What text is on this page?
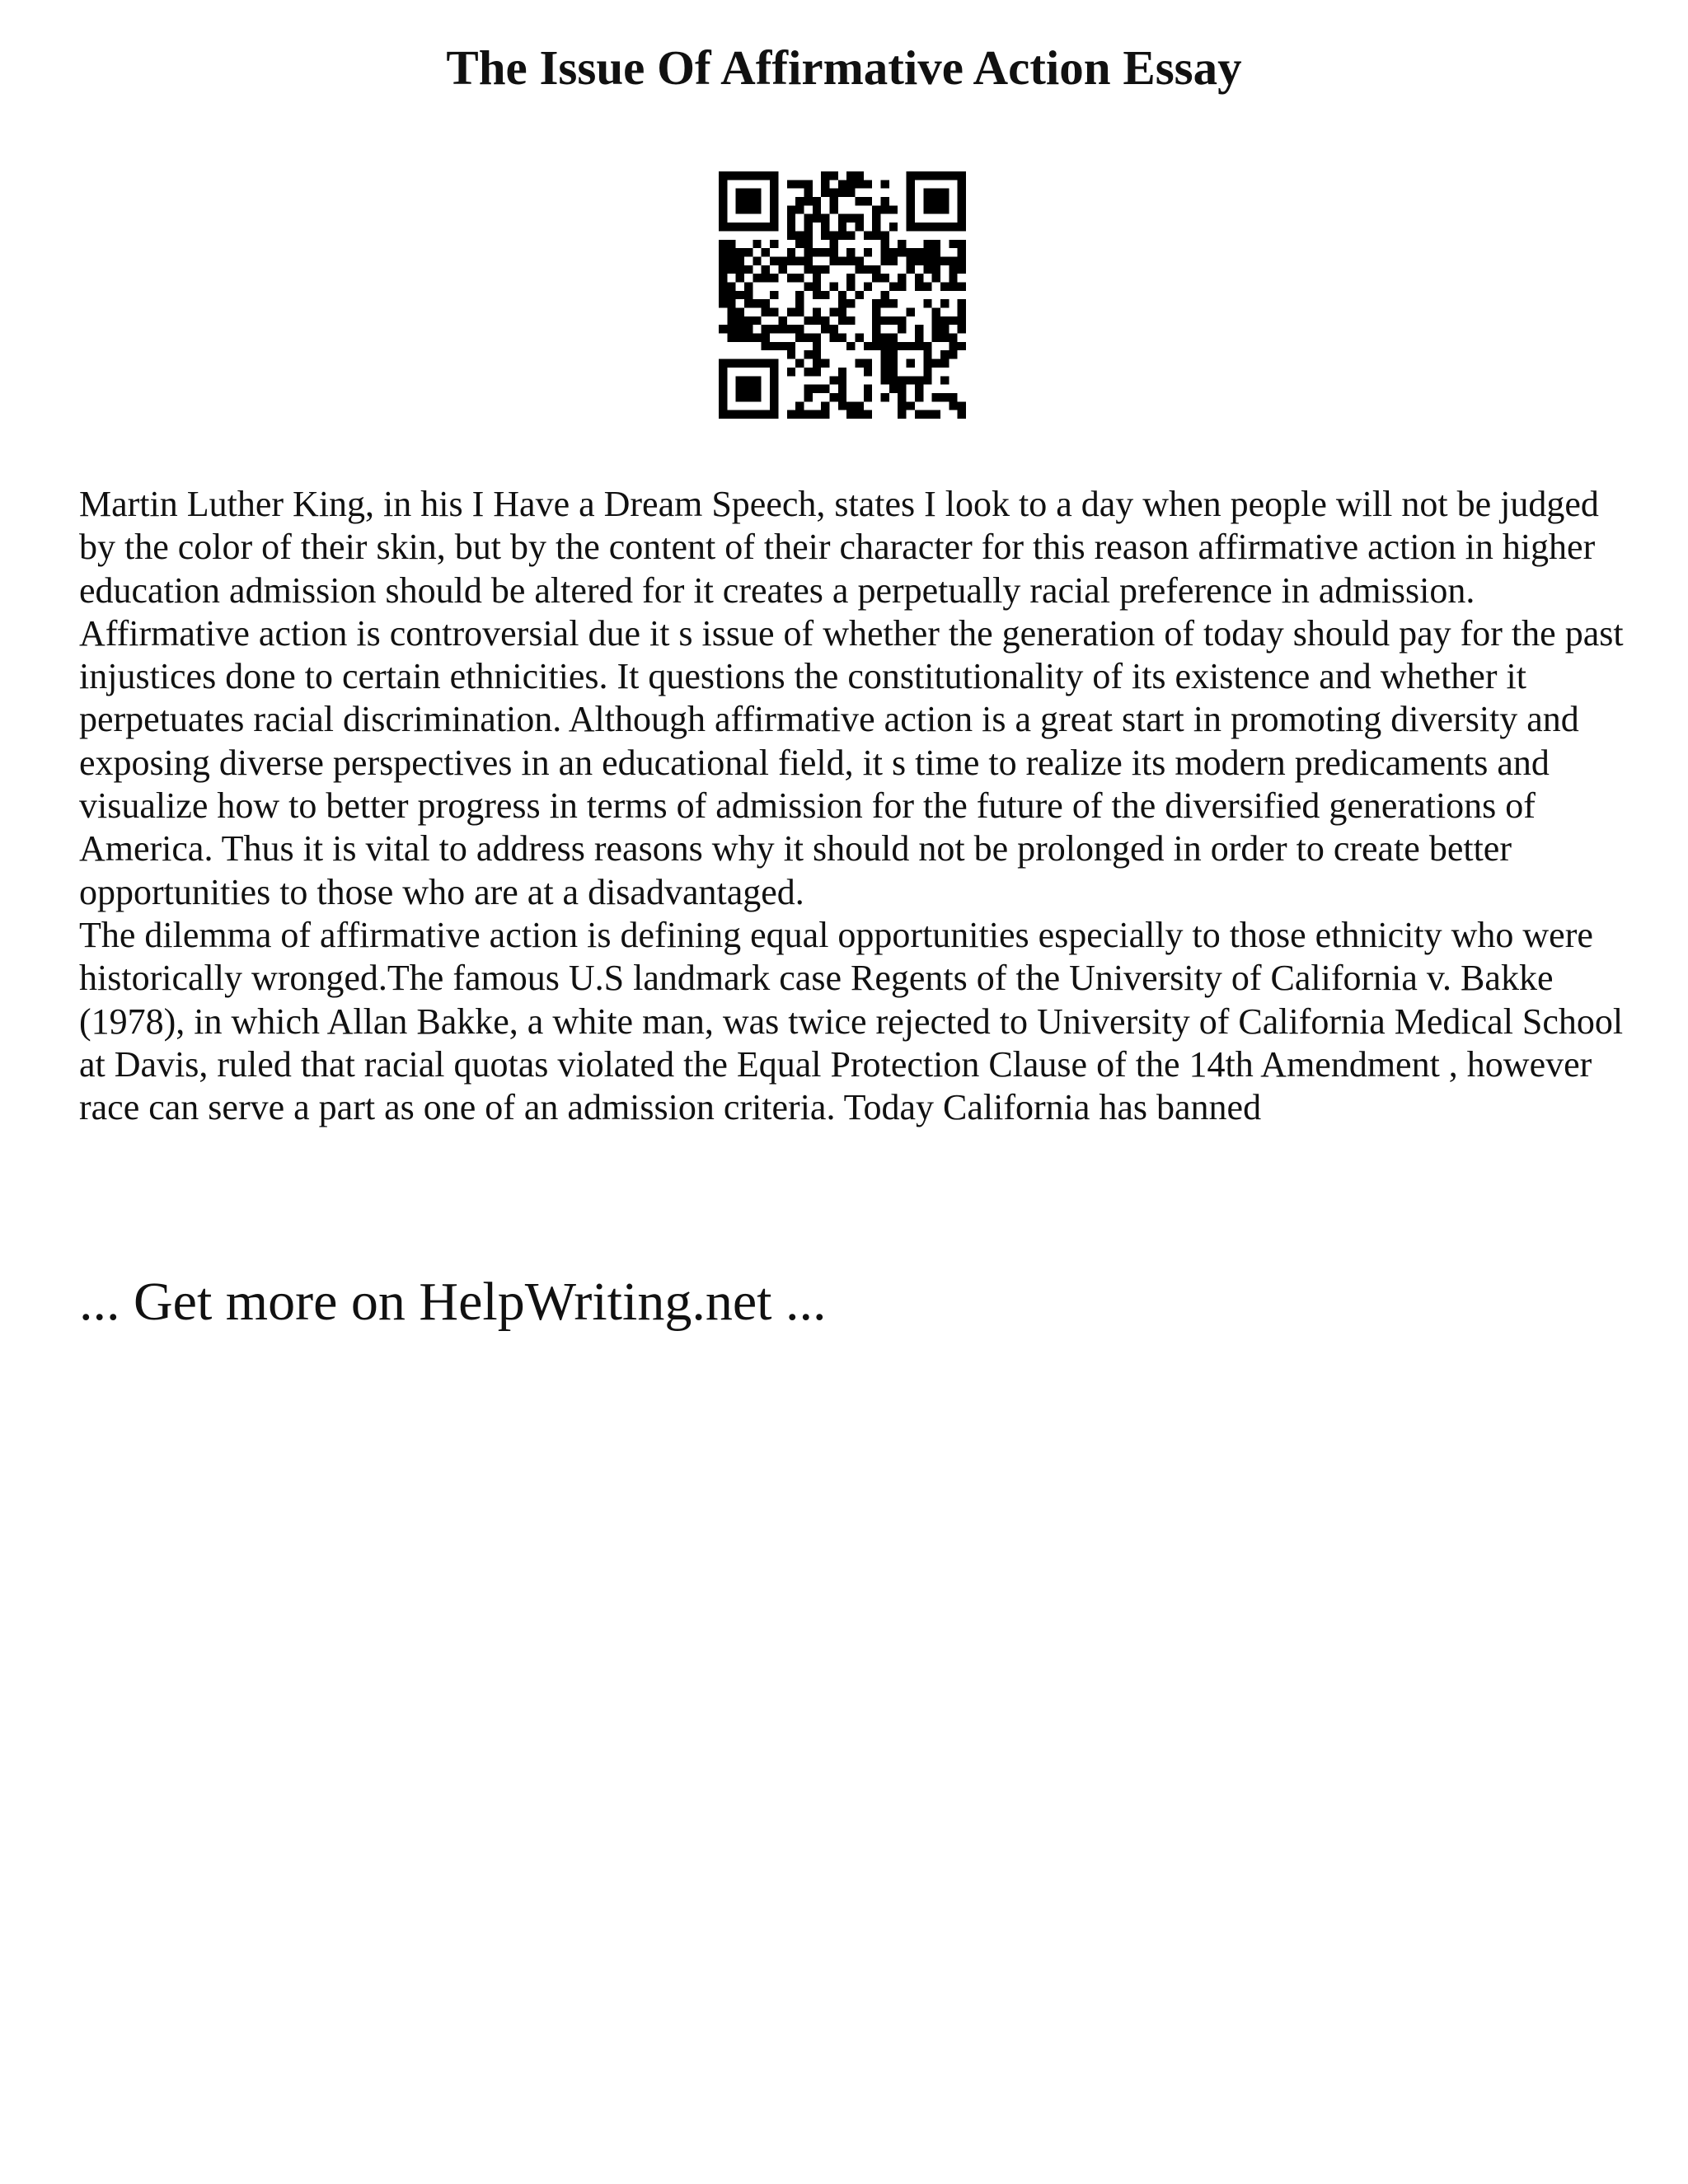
The Issue Of Affirmative Action Essay

Martin Luther King, in his I Have a Dream Speech, states I look to a day when people will not be judged by the color of their skin, but by the content of their character for this reason affirmative action in higher education admission should be altered for it creates a perpetually racial preference in admission.

Affirmative action is controversial due it s issue of whether the generation of today should pay for the past injustices done to certain ethnicities. It questions the constitutionality of its existence and whether it perpetuates racial discrimination. Although affirmative action is a great start in promoting diversity and exposing diverse perspectives in an educational field, it s time to realize its modern predicaments and visualize how to better progress in terms of admission for the future of the diversified generations of America. Thus it is vital to address reasons why it should not be prolonged in order to create better opportunities to those who are at a disadvantaged.

The dilemma of affirmative action is defining equal opportunities especially to those ethnicity who were historically wronged.The famous U.S landmark case Regents of the University of California v. Bakke (1978), in which Allan Bakke, a white man, was twice rejected to University of California Medical School at Davis, ruled that racial quotas violated the Equal Protection Clause of the 14th Amendment , however race can serve a part as one of an admission criteria. Today California has banned

... Get more on HelpWriting.net ...
